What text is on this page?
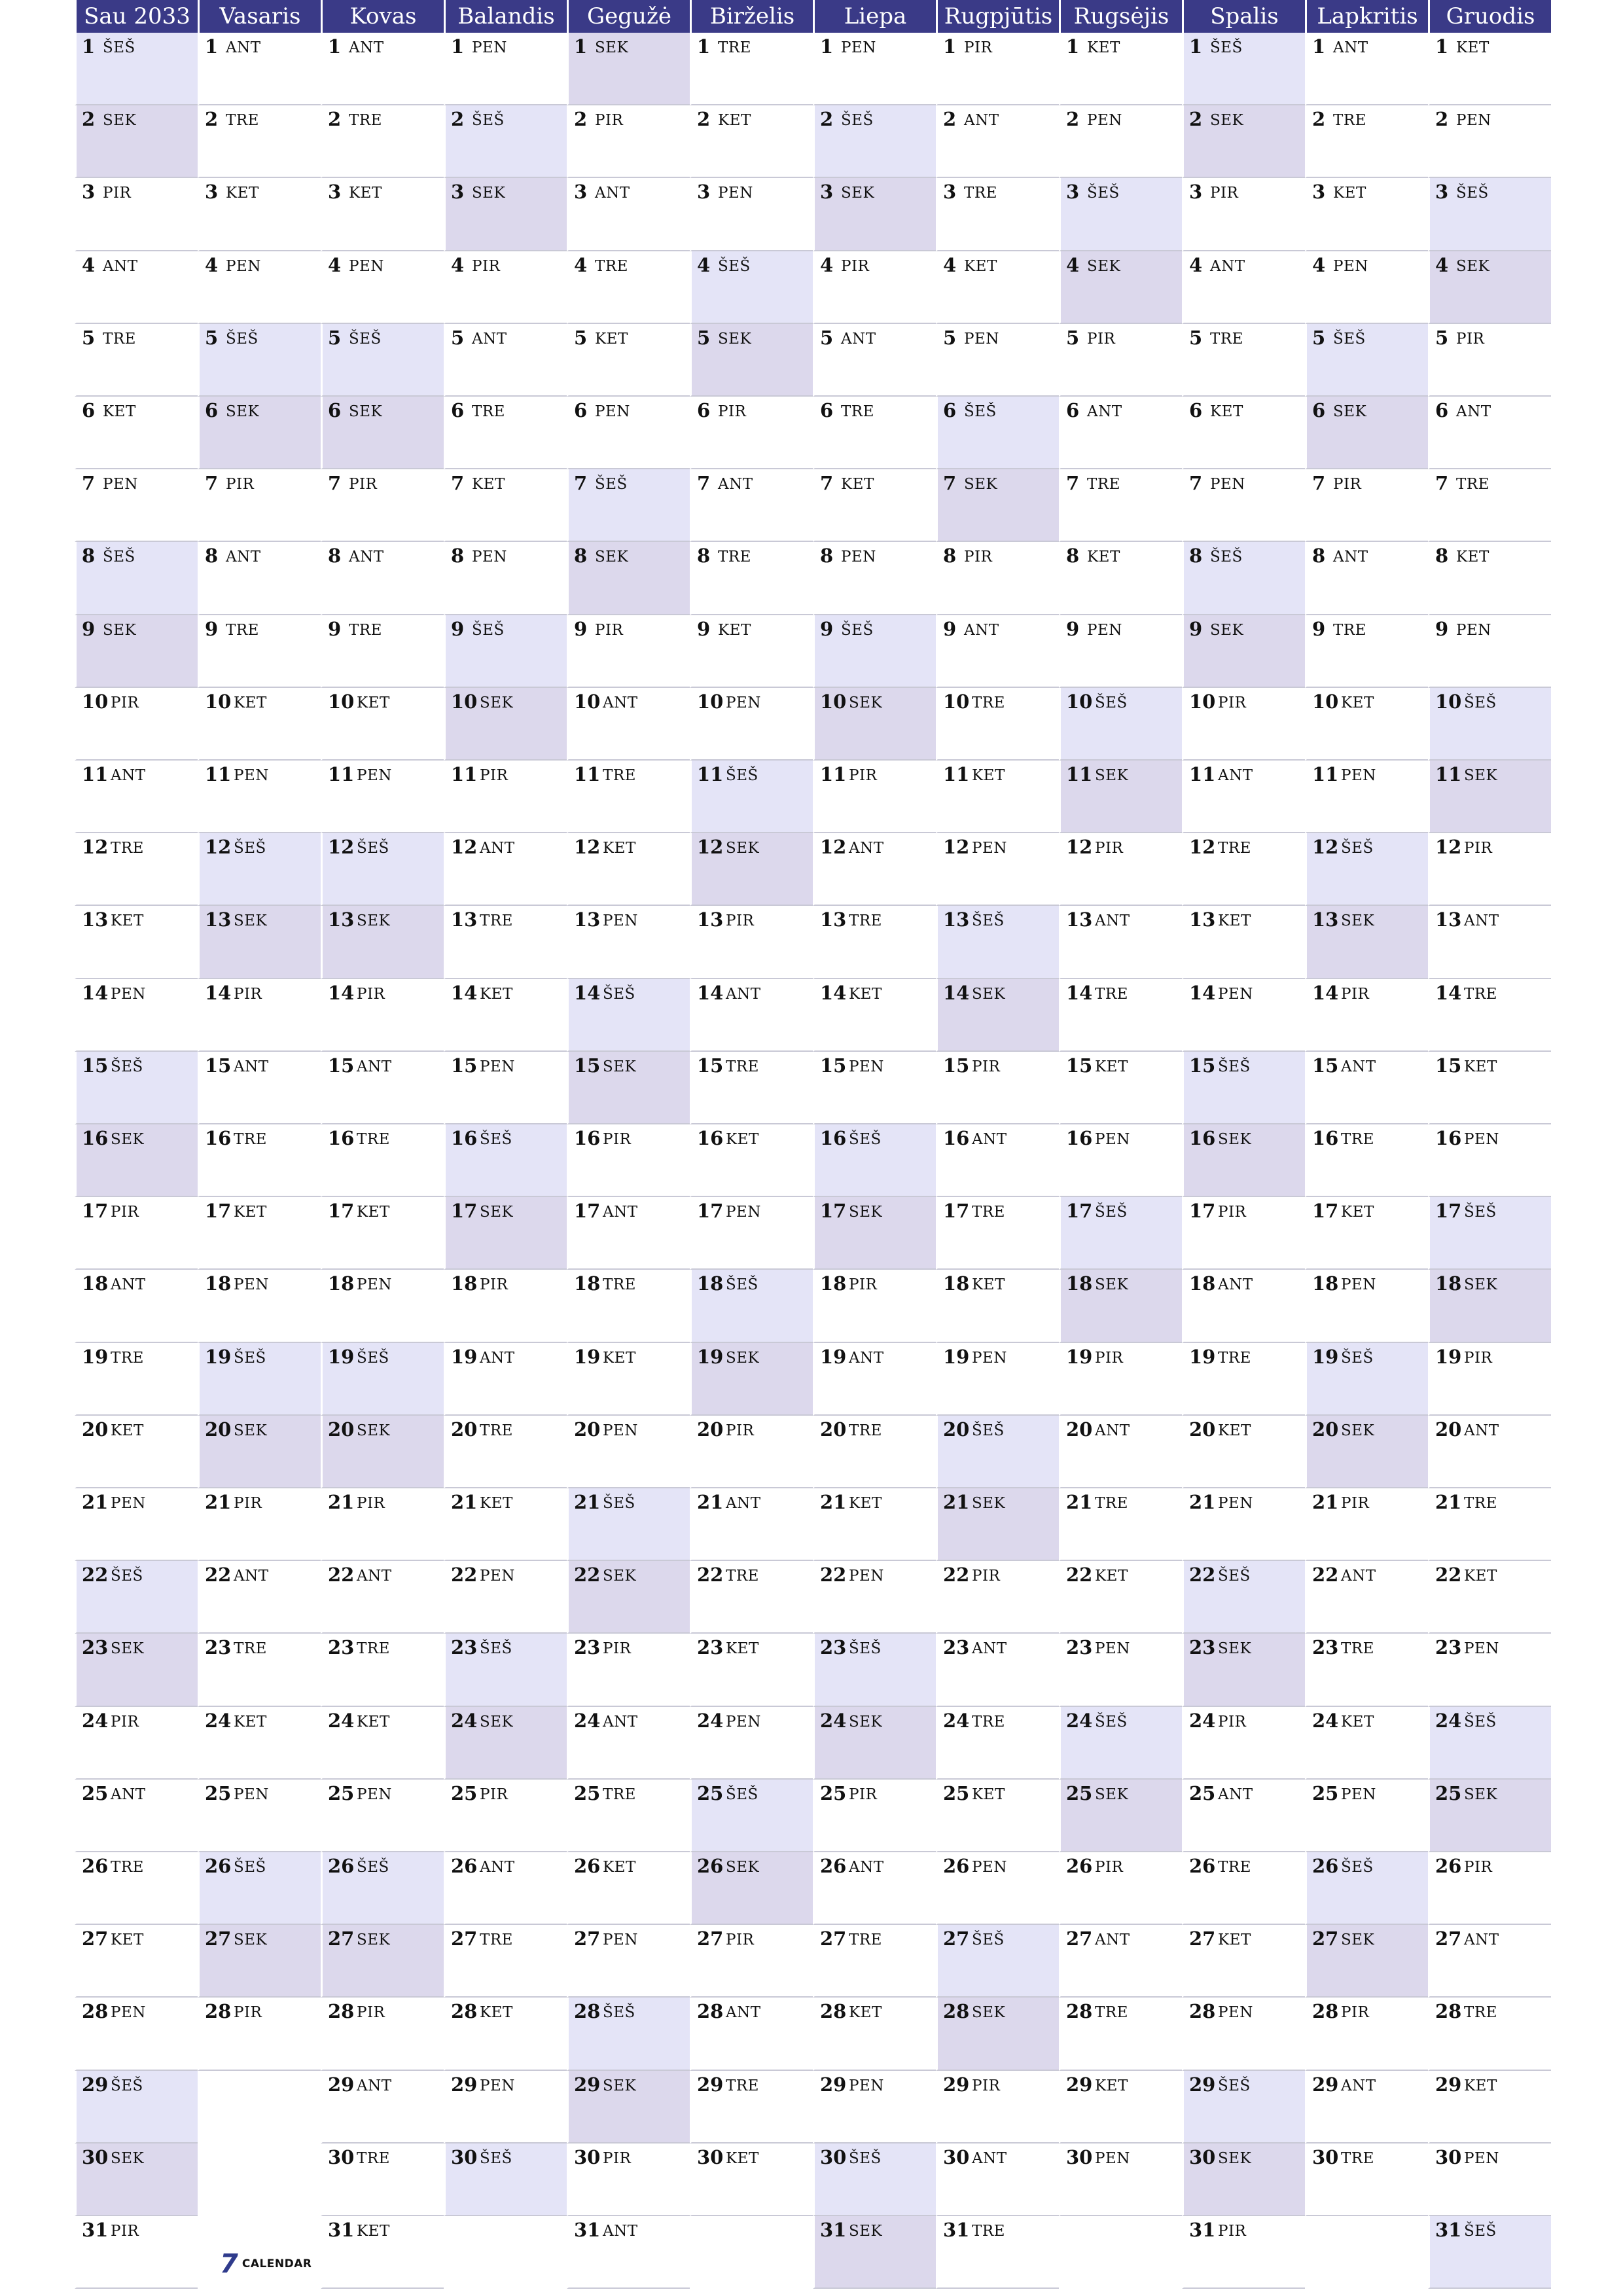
Sau 2033
1 ŠEŠ
2 SEK
3 PIR
4 ANT
5 TRE
6 KET
7 PEN
8 ŠEŠ
9 SEK
10 PIR
11 ANT
12 TRE
13 KET
14 PEN
15 ŠEŠ
16 SEK
17 PIR
18 ANT
19 TRE
20 KET
21 PEN
22 ŠEŠ
23 SEK
24 PIR
25 ANT
26 TRE
27 KET
28 PEN
29 ŠEŠ
30 SEK
31 PIR
Vasaris
1 ANT
2 TRE
3 KET
4 PEN
5 ŠEŠ
6 SEK
7 PIR
8 ANT
9 TRE
10 KET
11 PEN
12 ŠEŠ
13 SEK
14 PIR
15 ANT
16 TRE
17 KET
18 PEN
19 ŠEŠ
20 SEK
21 PIR
22 ANT
23 TRE
24 KET
25 PEN
26 ŠEŠ
27 SEK
28 PIR
Kovas
1 ANT
2 TRE
3 KET
4 PEN
5 ŠEŠ
6 SEK
7 PIR
8 ANT
9 TRE
10 KET
11 PEN
12 ŠEŠ
13 SEK
14 PIR
15 ANT
16 TRE
17 KET
18 PEN
19 ŠEŠ
20 SEK
21 PIR
22 ANT
23 TRE
24 KET
25 PEN
26 ŠEŠ
27 SEK
28 PIR
29 ANT
30 TRE
31 KET
Balandis
1 PEN
2 ŠEŠ
3 SEK
4 PIR
5 ANT
6 TRE
7 KET
8 PEN
9 ŠEŠ
10 SEK
11 PIR
12 ANT
13 TRE
14 KET
15 PEN
16 ŠEŠ
17 SEK
18 PIR
19 ANT
20 TRE
21 KET
22 PEN
23 ŠEŠ
24 SEK
25 PIR
26 ANT
27 TRE
28 KET
29 PEN
30 ŠEŠ
Gegužė
1 SEK
2 PIR
3 ANT
4 TRE
5 KET
6 PEN
7 ŠEŠ
8 SEK
9 PIR
10 ANT
11 TRE
12 KET
13 PEN
14 ŠEŠ
15 SEK
16 PIR
17 ANT
18 TRE
19 KET
20 PEN
21 ŠEŠ
22 SEK
23 PIR
24 ANT
25 TRE
26 KET
27 PEN
28 ŠEŠ
29 SEK
30 PIR
31 ANT
Birželis
1 TRE
2 KET
3 PEN
4 ŠEŠ
5 SEK
6 PIR
7 ANT
8 TRE
9 KET
10 PEN
11 ŠEŠ
12 SEK
13 PIR
14 ANT
15 TRE
16 KET
17 PEN
18 ŠEŠ
19 SEK
20 PIR
21 ANT
22 TRE
23 KET
24 PEN
25 ŠEŠ
26 SEK
27 PIR
28 ANT
29 TRE
30 KET
Liepa
1 PEN
2 ŠEŠ
3 SEK
4 PIR
5 ANT
6 TRE
7 KET
8 PEN
9 ŠEŠ
10 SEK
11 PIR
12 ANT
13 TRE
14 KET
15 PEN
16 ŠEŠ
17 SEK
18 PIR
19 ANT
20 TRE
21 KET
22 PEN
23 ŠEŠ
24 SEK
25 PIR
26 ANT
27 TRE
28 KET
29 PEN
30 ŠEŠ
31 SEK
Rugpjūtis
1 PIR
2 ANT
3 TRE
4 KET
5 PEN
6 ŠEŠ
7 SEK
8 PIR
9 ANT
10 TRE
11 KET
12 PEN
13 ŠEŠ
14 SEK
15 PIR
16 ANT
17 TRE
18 KET
19 PEN
20 ŠEŠ
21 SEK
22 PIR
23 ANT
24 TRE
25 KET
26 PEN
27 ŠEŠ
28 SEK
29 PIR
30 ANT
31 TRE
Rugsėjis
1 KET
2 PEN
3 ŠEŠ
4 SEK
5 PIR
6 ANT
7 TRE
8 KET
9 PEN
10 ŠEŠ
11 SEK
12 PIR
13 ANT
14 TRE
15 KET
16 PEN
17 ŠEŠ
18 SEK
19 PIR
20 ANT
21 TRE
22 KET
23 PEN
24 ŠEŠ
25 SEK
26 PIR
27 ANT
28 TRE
29 KET
30 PEN
Spalis
1 ŠEŠ
2 SEK
3 PIR
4 ANT
5 TRE
6 KET
7 PEN
8 ŠEŠ
9 SEK
10 PIR
11 ANT
12 TRE
13 KET
14 PEN
15 ŠEŠ
16 SEK
17 PIR
18 ANT
19 TRE
20 KET
21 PEN
22 ŠEŠ
23 SEK
24 PIR
25 ANT
26 TRE
27 KET
28 PEN
29 ŠEŠ
30 SEK
31 PIR
Lapkritis
1 ANT
2 TRE
3 KET
4 PEN
5 ŠEŠ
6 SEK
7 PIR
8 ANT
9 TRE
10 KET
11 PEN
12 ŠEŠ
13 SEK
14 PIR
15 ANT
16 TRE
17 KET
18 PEN
19 ŠEŠ
20 SEK
21 PIR
22 ANT
23 TRE
24 KET
25 PEN
26 ŠEŠ
27 SEK
28 PIR
29 ANT
30 TRE
Gruodis
1 KET
2 PEN
3 ŠEŠ
4 SEK
5 PIR
6 ANT
7 TRE
8 KET
9 PEN
10 ŠEŠ
11 SEK
12 PIR
13 ANT
14 TRE
15 KET
16 PEN
17 ŠEŠ
18 SEK
19 PIR
20 ANT
21 TRE
22 KET
23 PEN
24 ŠEŠ
25 SEK
26 PIR
27 ANT
28 TRE
29 KET
30 PEN
31 ŠEŠ
7 CALENDAR
